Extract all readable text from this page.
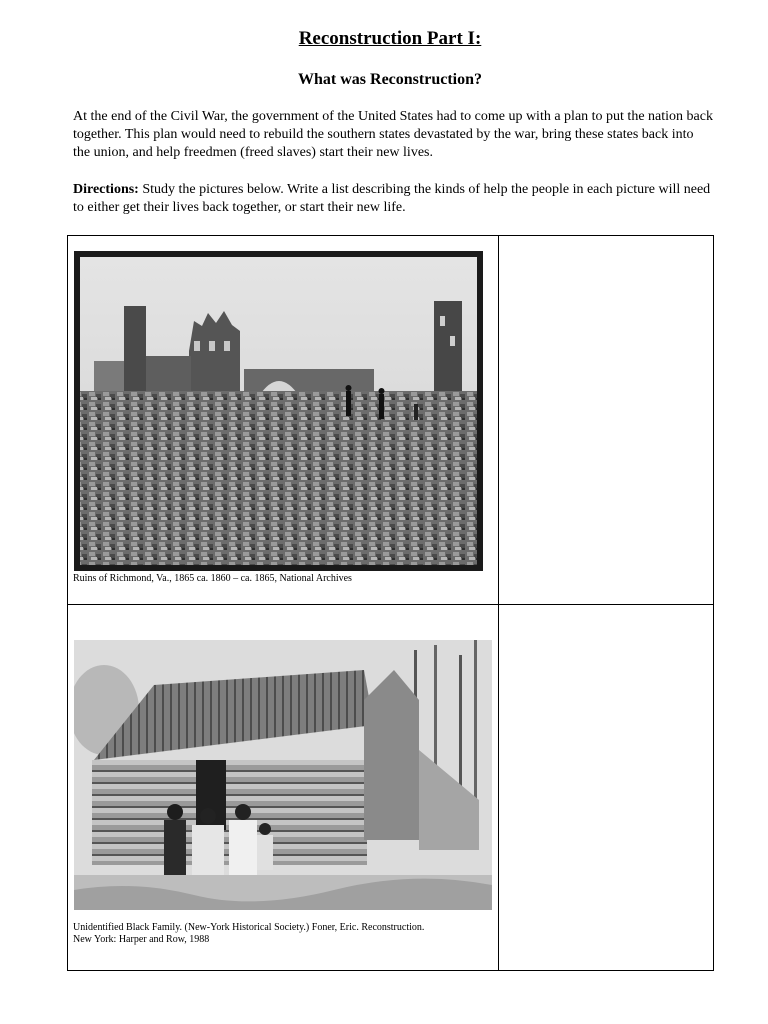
Reconstruction Part I:
What was Reconstruction?
At the end of the Civil War, the government of the United States had to come up with a plan to put the nation back together. This plan would need to rebuild the southern states devastated by the war, bring these states back into the union, and help freedmen (freed slaves) start their new lives.
Directions: Study the pictures below. Write a list describing the kinds of help the people in each picture will need to either get their lives back together, or start their new life.
Ruins of Richmond, Va., 1865 ca. 1860 – ca. 1865, National Archives	

Unidentified Black Family. (New-York Historical Society.) Foner, Eric. Reconstruction.
New York: Harper and Row, 1988	
